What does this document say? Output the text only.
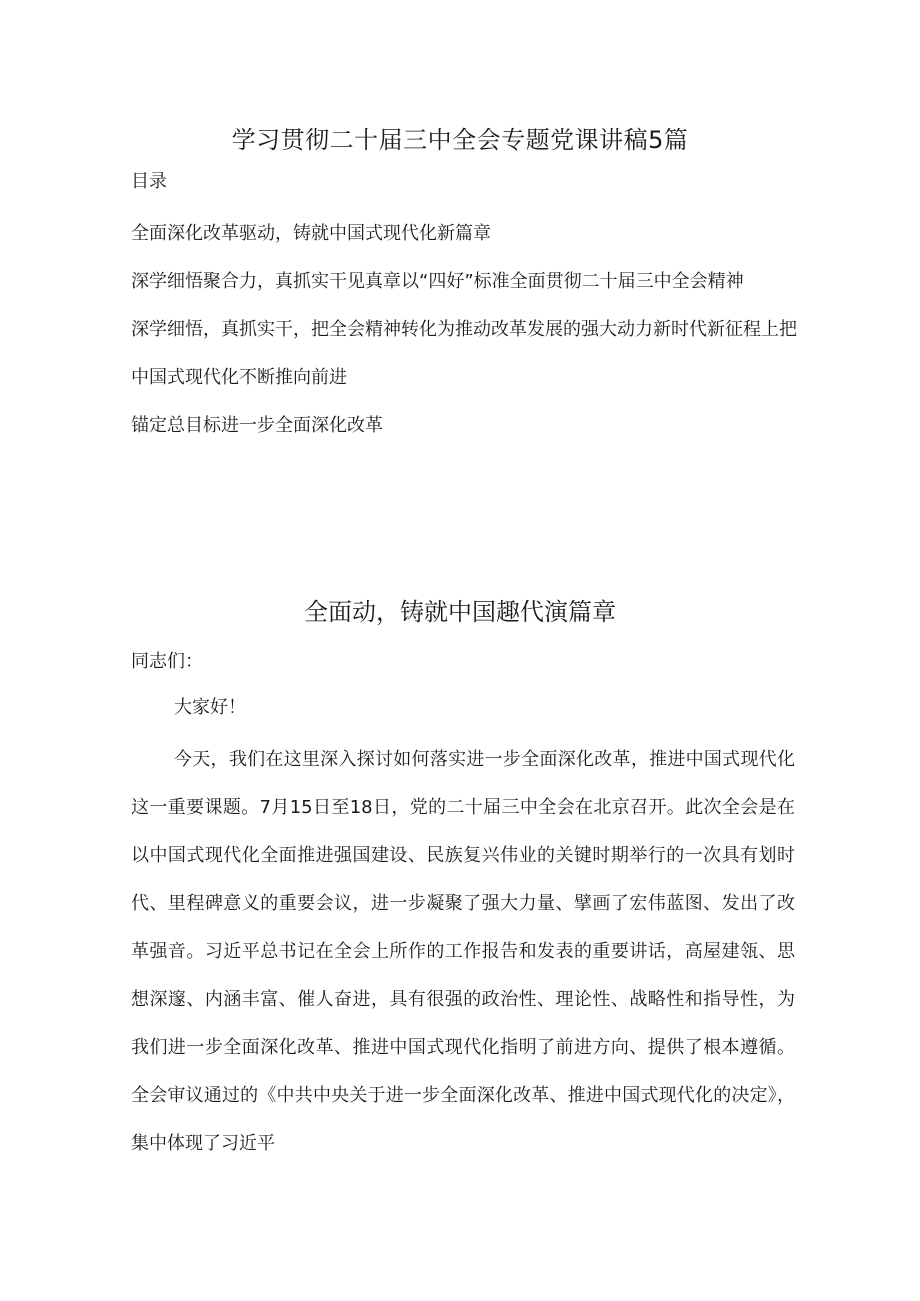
学习贯彻二十届三中全会专题党课讲稿5篇

目录

全面深化改革驱动，铸就中国式现代化新篇章
深学细悟聚合力，真抓实干见真章以“四好”标准全面贯彻二十届三中全会精神
深学细悟，真抓实干，把全会精神转化为推动改革发展的强大动力新时代新征程上把中国式现代化不断推向前进
锚定总目标进一步全面深化改革
全面动，铸就中国趣代演篇章

同志们：

大家好！

今天，我们在这里深入探讨如何落实进一步全面深化改革，推进中国式现代化这一重要课题。7月15日至18日，党的二十届三中全会在北京召开。此次全会是在以中国式现代化全面推进强国建设、民族复兴伟业的关键时期举行的一次具有划时代、里程碑意义的重要会议，进一步凝聚了强大力量、擘画了宏伟蓝图、发出了改革强音。习近平总书记在全会上所作的工作报告和发表的重要讲话，高屋建瓴、思想深邃、内涵丰富、催人奋进，具有很强的政治性、理论性、战略性和指导性，为我们进一步全面深化改革、推进中国式现代化指明了前进方向、提供了根本遵循。全会审议通过的《中共中央关于进一步全面深化改革、推进中国式现代化的决定》，集中体现了习近平
